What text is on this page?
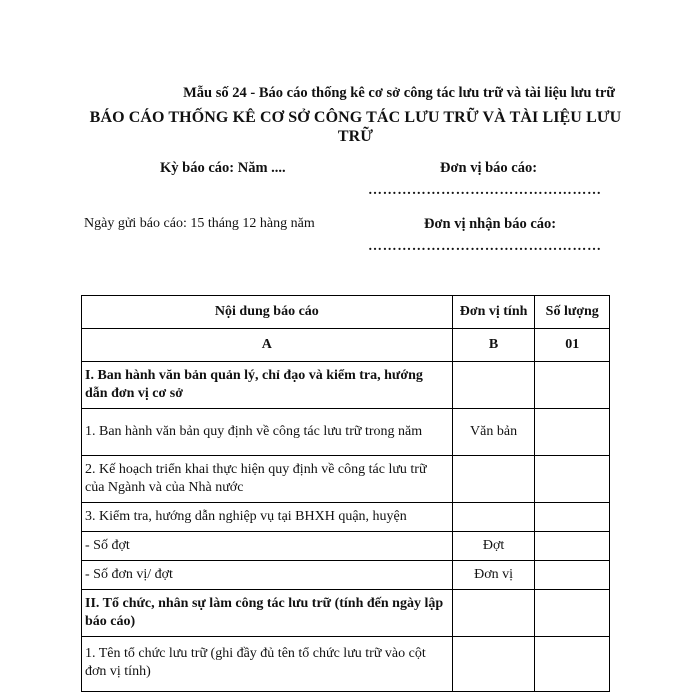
Mẫu số 24 - Báo cáo thống kê cơ sở công tác lưu trữ và tài liệu lưu trữ
BÁO CÁO THỐNG KÊ CƠ SỞ CÔNG TÁC LƯU TRỮ VÀ TÀI LIỆU LƯU TRỮ
Kỳ báo cáo: Năm ....	Đơn vị báo cáo:
…………………………………………
Ngày gửi báo cáo: 15 tháng 12 hàng năm	Đơn vị nhận báo cáo:
…………………………………………
Nội dung báo cáo	Đơn vị tính	Số lượng
A	B	01
I. Ban hành văn bản quản lý, chỉ đạo và kiểm tra, hướng dẫn đơn vị cơ sở		
1. Ban hành văn bản quy định về công tác lưu trữ trong năm	Văn bản	
2. Kế hoạch triển khai thực hiện quy định về công tác lưu trữ của Ngành và của Nhà nước		
3. Kiểm tra, hướng dẫn nghiệp vụ tại BHXH quận, huyện		
- Số đợt	Đợt	
- Số đơn vị/ đợt	Đơn vị	
II. Tổ chức, nhân sự làm công tác lưu trữ (tính đến ngày lập báo cáo)		
1. Tên tổ chức lưu trữ (ghi đầy đủ tên tổ chức lưu trữ vào cột đơn vị tính)		
